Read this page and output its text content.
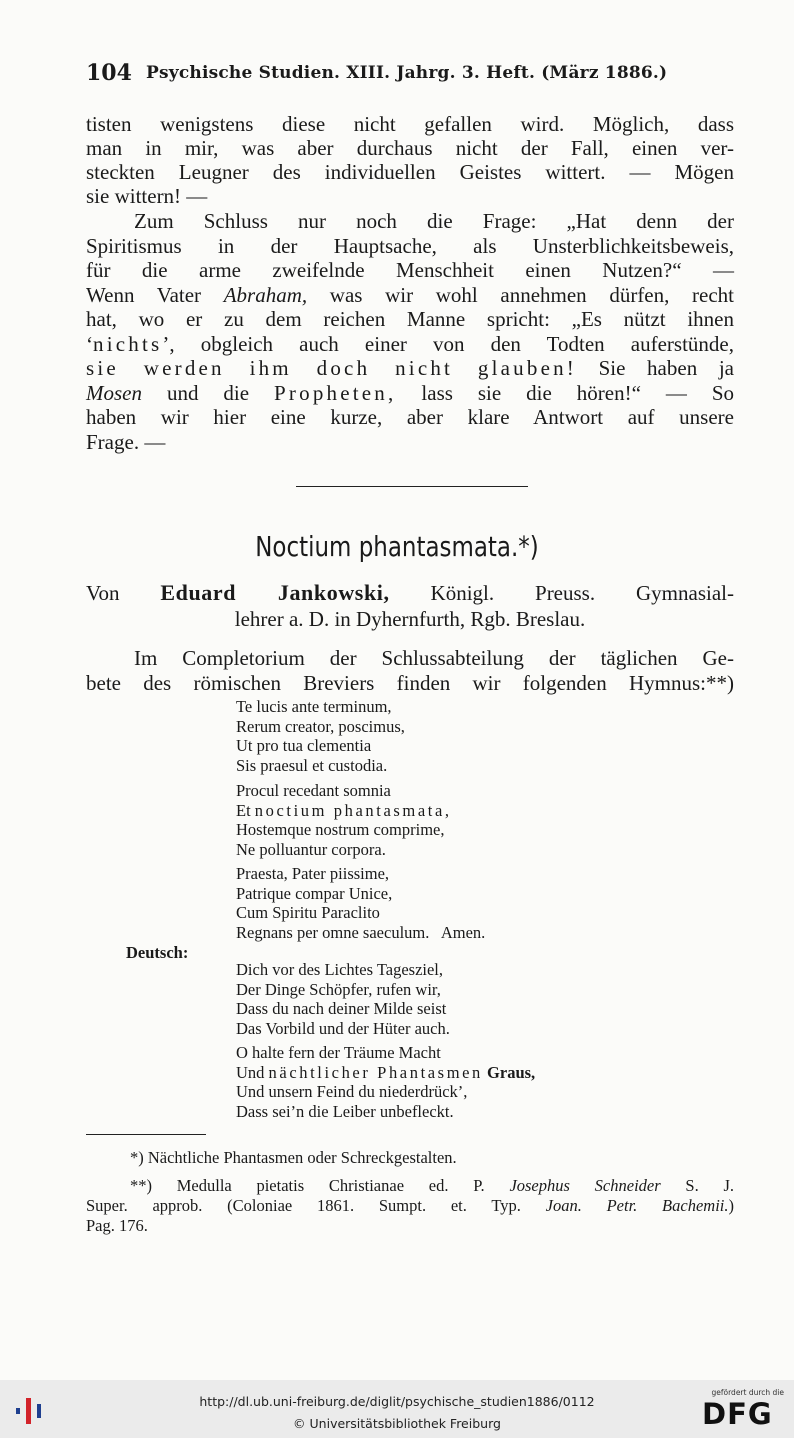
104 Psychische Studien. XIII. Jahrg. 3. Heft. (März 1886.)
tisten wenigstens diese nicht gefallen wird. Möglich, dass
man in mir, was aber durchaus nicht der Fall, einen ver-
steckten Leugner des individuellen Geistes wittert. — Mögen
sie wittern! —
Zum Schluss nur noch die Frage: „Hat denn der
Spiritismus in der Hauptsache, als Unsterblichkeitsbeweis,
für die arme zweifelnde Menschheit einen Nutzen?“ —
Wenn Vater Abraham, was wir wohl annehmen dürfen, recht
hat, wo er zu dem reichen Manne spricht: „Es nützt ihnen
‘nichts’, obgleich auch einer von den Todten auferstünde,
sie werden ihm doch nicht glauben! Sie haben ja
Mosen und die Propheten, lass sie die hören!“ — So
haben wir hier eine kurze, aber klare Antwort auf unsere
Frage. —
Noctium phantasmata.*)
Von Eduard Jankowski, Königl. Preuss. Gymnasial-
lehrer a. D. in Dyhernfurth, Rgb. Breslau.
Im Completorium der Schlussabteilung der täglichen Ge-
bete des römischen Breviers finden wir folgenden Hymnus:**)
Te lucis ante terminum,
Rerum creator, poscimus,
Ut pro tua clementia
Sis praesul et custodia.
Procul recedant somnia
Et noctium phantasmata,
Hostemque nostrum comprime,
Ne polluantur corpora.
Praesta, Pater piissime,
Patrique compar Unice,
Cum Spiritu Paraclito
Regnans per omne saeculum.   Amen.
Deutsch:
Dich vor des Lichtes Tagesziel,
Der Dinge Schöpfer, rufen wir,
Dass du nach deiner Milde seist
Das Vorbild und der Hüter auch.
O halte fern der Träume Macht
Und nächtlicher Phantasmen Graus,
Und unsern Feind du niederdrück’,
Dass sei’n die Leiber unbefleckt.
*) Nächtliche Phantasmen oder Schreckgestalten.
**) Medulla pietatis Christianae ed. P. Josephus Schneider S. J.
Super. approb. (Coloniae 1861. Sumpt. et. Typ. Joan. Petr. Bachemii.)
Pag. 176.
http://dl.ub.uni-freiburg.de/diglit/psychische_studien1886/0112
© Universitätsbibliothek Freiburg
gefördert durch die
DFG
